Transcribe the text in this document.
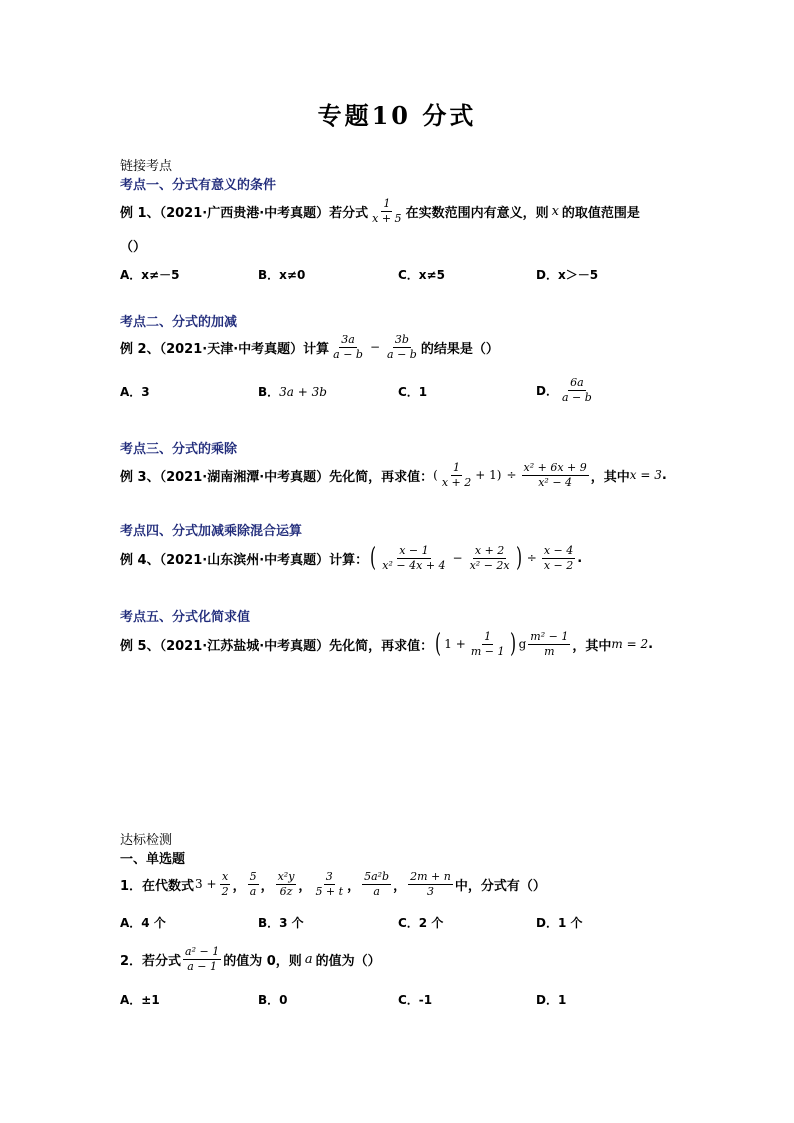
专题10 分式
链接考点
考点一、分式有意义的条件
例 1、（2021·广西贵港·中考真题）若分式 $\frac{1}{x + 5}$ 在实数范围内有意义，则 x 的取值范围是
（）
A．x≠－5	B．x≠0	C．x≠5	D．x＞－5
考点二、分式的加减
例 2、（2021·天津·中考真题）计算 $\frac{3a}{a - b} - \frac{3b}{a - b}$ 的结果是（）
A．3	B． 3a + 3b	C．1	D． $\frac{6a}{a - b}$
考点三、分式的乘除
例 3、（2021·湖南湘潭·中考真题）先化简，再求值： ( $\frac{1}{x + 2} + 1) \div \frac{\text{x² + 6x + 9}}{\text{x² − 4}}$ ，其中 x = 3 .
考点四、分式加减乘除混合运算
例 4、（2021·山东滨州·中考真题）计算： ( $\frac{x - 1}{\text{x² − 4x + 4}} - \frac{x + 2}{\text{x² − 2x}}$ ) ÷ $\frac{x - 4}{x - 2}$ .
考点五、分式化简求值
例 5、（2021·江苏盐城·中考真题）先化简，再求值： ( $1 + \frac{1}{m - 1}$ ) g $\frac{\text{m² − 1}}{m}$ ，其中 m = 2 .
达标检测
一、单选题
1．在代数式 $3 + \frac{x}{2}$ ， $\frac{5}{a}$ ， $\frac{\text{x²y}}{6z}$ ， $\frac{3}{5 + t}$ ， $\frac{\text{5a²b}}{a}$ ， $\frac{2m + n}{3}$ 中，分式有（）
A．4 个	B．3 个	C．2 个	D．1 个
2．若分式 $\frac{\text{a² − 1}}{a - 1}$ 的值为 0，则 a 的值为（）
A．±1	B．0	C．-1	D．1
